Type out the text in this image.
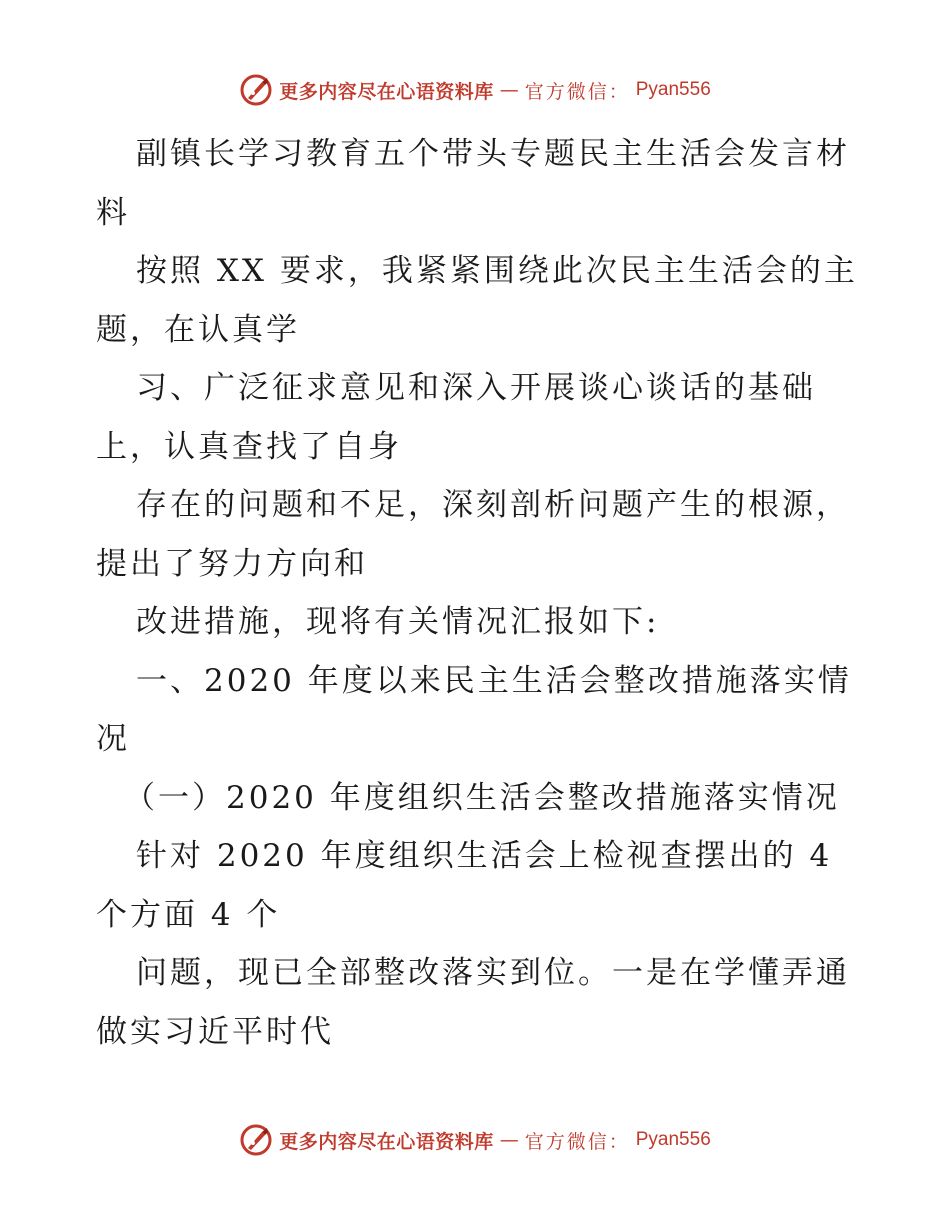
更多内容尽在心语资料库 — 官方微信： Pyan556
副镇长学习教育五个带头专题民主生活会发言材
料
按照 XX 要求，我紧紧围绕此次民主生活会的主
题，在认真学
习、广泛征求意见和深入开展谈心谈话的基础
上，认真查找了自身
存在的问题和不足，深刻剖析问题产生的根源，
提出了努力方向和
改进措施，现将有关情况汇报如下:
一、2020 年度以来民主生活会整改措施落实情
况
（一）2020 年度组织生活会整改措施落实情况
针对 2020 年度组织生活会上检视查摆出的 4
个方面 4 个
问题，现已全部整改落实到位。一是在学懂弄通
做实习近平时代
更多内容尽在心语资料库 — 官方微信： Pyan556
